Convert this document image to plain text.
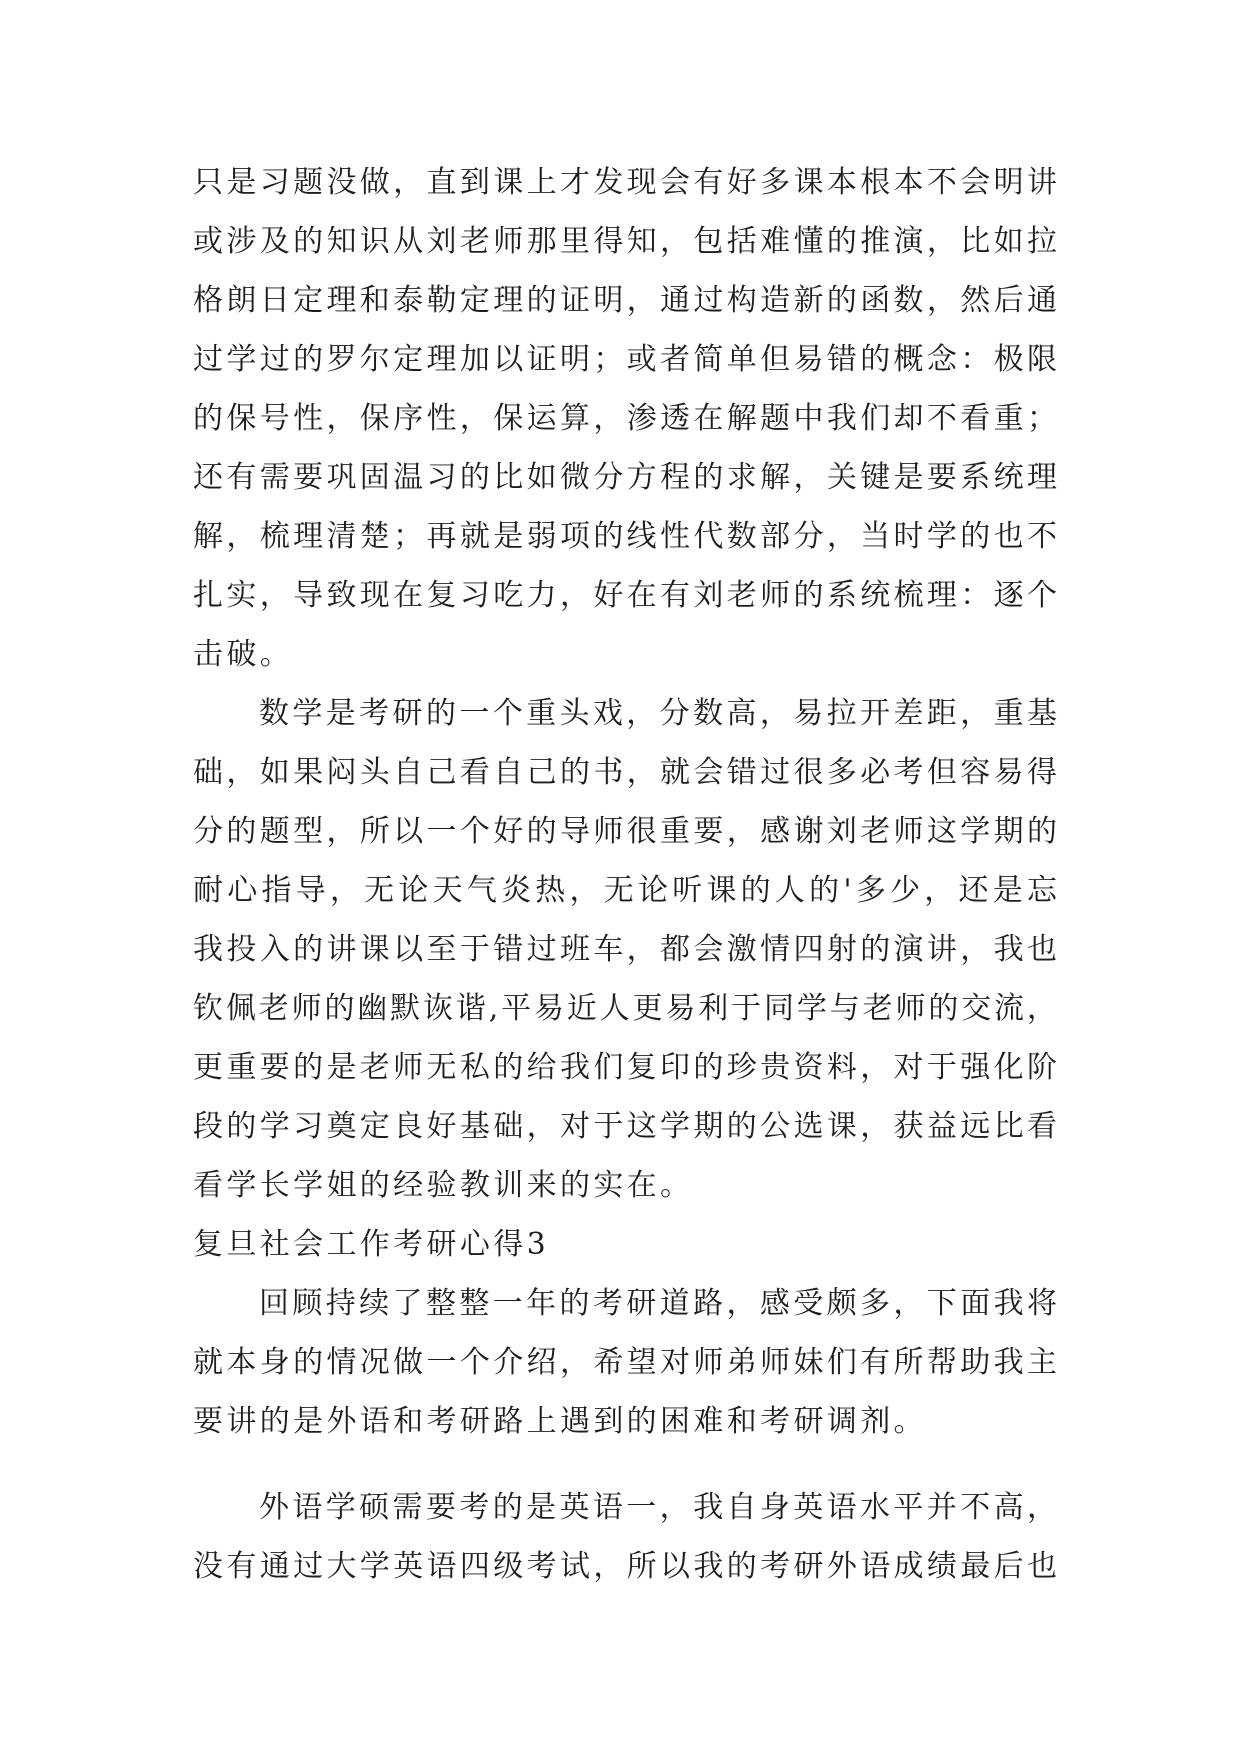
只是习题没做，直到课上才发现会有好多课本根本不会明讲
或涉及的知识从刘老师那里得知，包括难懂的推演，比如拉
格朗日定理和泰勒定理的证明，通过构造新的函数，然后通
过学过的罗尔定理加以证明；或者简单但易错的概念：极限
的保号性，保序性，保运算，渗透在解题中我们却不看重；
还有需要巩固温习的比如微分方程的求解，关键是要系统理
解，梳理清楚；再就是弱项的线性代数部分，当时学的也不
扎实，导致现在复习吃力，好在有刘老师的系统梳理：逐个
击破。
数学是考研的一个重头戏，分数高，易拉开差距，重基
础，如果闷头自己看自己的书，就会错过很多必考但容易得
分的题型，所以一个好的导师很重要，感谢刘老师这学期的
耐心指导，无论天气炎热，无论听课的人的'多少，还是忘
我投入的讲课以至于错过班车，都会激情四射的演讲，我也
钦佩老师的幽默诙谐,平易近人更易利于同学与老师的交流，
更重要的是老师无私的给我们复印的珍贵资料，对于强化阶
段的学习奠定良好基础，对于这学期的公选课，获益远比看
看学长学姐的经验教训来的实在。
复旦社会工作考研心得3
回顾持续了整整一年的考研道路，感受颇多，下面我将
就本身的情况做一个介绍，希望对师弟师妹们有所帮助我主
要讲的是外语和考研路上遇到的困难和考研调剂。
外语学硕需要考的是英语一，我自身英语水平并不高，
没有通过大学英语四级考试，所以我的考研外语成绩最后也
